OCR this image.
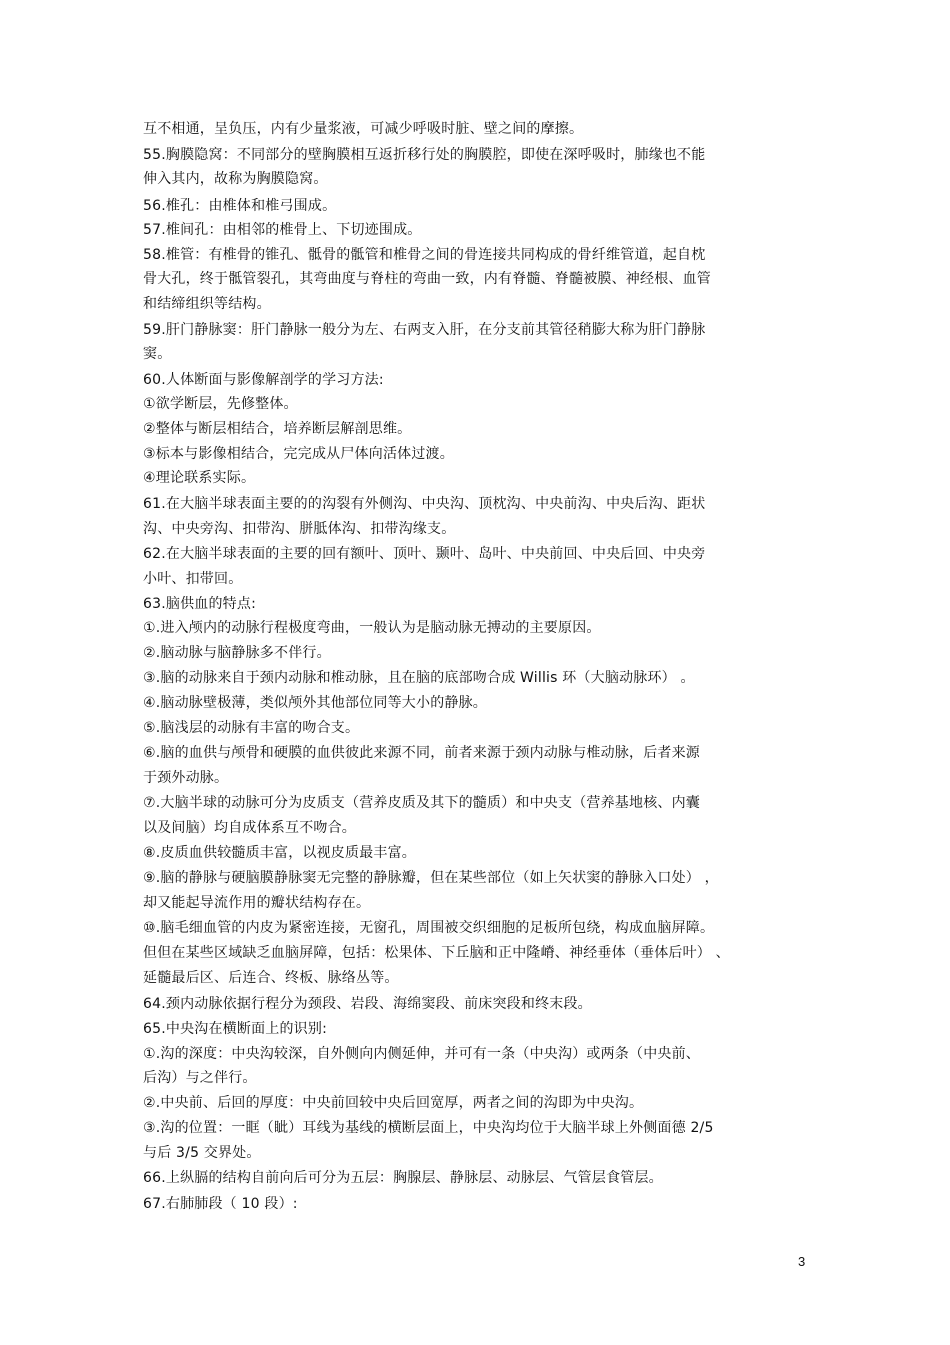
互不相通，呈负压，内有少量浆液，可减少呼吸时脏、壁之间的摩擦。
55.胸膜隐窝：不同部分的壁胸膜相互返折移行处的胸膜腔，即使在深呼吸时，肺缘也不能
伸入其内，故称为胸膜隐窝。
56.椎孔：由椎体和椎弓围成。
57.椎间孔：由相邻的椎骨上、下切迹围成。
58.椎管：有椎骨的锥孔、骶骨的骶管和椎骨之间的骨连接共同构成的骨纤维管道，起自枕
骨大孔，终于骶管裂孔，其弯曲度与脊柱的弯曲一致，内有脊髓、脊髓被膜、神经根、血管
和结缔组织等结构。
59.肝门静脉窦：肝门静脉一般分为左、右两支入肝，在分支前其管径稍膨大称为肝门静脉
窦。
60.人体断面与影像解剖学的学习方法:
①欲学断层，先修整体。
②整体与断层相结合，培养断层解剖思维。
③标本与影像相结合，完完成从尸体向活体过渡。
④理论联系实际。
61.在大脑半球表面主要的的沟裂有外侧沟、中央沟、顶枕沟、中央前沟、中央后沟、距状
沟、中央旁沟、扣带沟、胼胝体沟、扣带沟缘支。
62.在大脑半球表面的主要的回有额叶、顶叶、颞叶、岛叶、中央前回、中央后回、中央旁
小叶、扣带回。
63.脑供血的特点:
①.进入颅内的动脉行程极度弯曲，一般认为是脑动脉无搏动的主要原因。
②.脑动脉与脑静脉多不伴行。
③.脑的动脉来自于颈内动脉和椎动脉，且在脑的底部吻合成 Willis 环（大脑动脉环） 。
④.脑动脉壁极薄，类似颅外其他部位同等大小的静脉。
⑤.脑浅层的动脉有丰富的吻合支。
⑥.脑的血供与颅骨和硬膜的血供彼此来源不同，前者来源于颈内动脉与椎动脉，后者来源
于颈外动脉。
⑦.大脑半球的动脉可分为皮质支（营养皮质及其下的髓质）和中央支（营养基地核、内囊
以及间脑）均自成体系互不吻合。
⑧.皮质血供较髓质丰富，以视皮质最丰富。
⑨.脑的静脉与硬脑膜静脉窦无完整的静脉瓣，但在某些部位（如上矢状窦的静脉入口处） ，
却又能起导流作用的瓣状结构存在。
⑩.脑毛细血管的内皮为紧密连接，无窗孔，周围被交织细胞的足板所包绕，构成血脑屏障。
但但在某些区域缺乏血脑屏障，包括：松果体、下丘脑和正中隆嵴、神经垂体（垂体后叶） 、
延髓最后区、后连合、终板、脉络丛等。
64.颈内动脉依据行程分为颈段、岩段、海绵窦段、前床突段和终末段。
65.中央沟在横断面上的识别:
①.沟的深度：中央沟较深，自外侧向内侧延伸，并可有一条（中央沟）或两条（中央前、
后沟）与之伴行。
②.中央前、后回的厚度：中央前回较中央后回宽厚，两者之间的沟即为中央沟。
③.沟的位置：一眶（眦）耳线为基线的横断层面上，中央沟均位于大脑半球上外侧面德 2/5
与后 3/5 交界处。
66.上纵膈的结构自前向后可分为五层：胸腺层、静脉层、动脉层、气管层食管层。
67.右肺肺段（ 10 段）:
3
